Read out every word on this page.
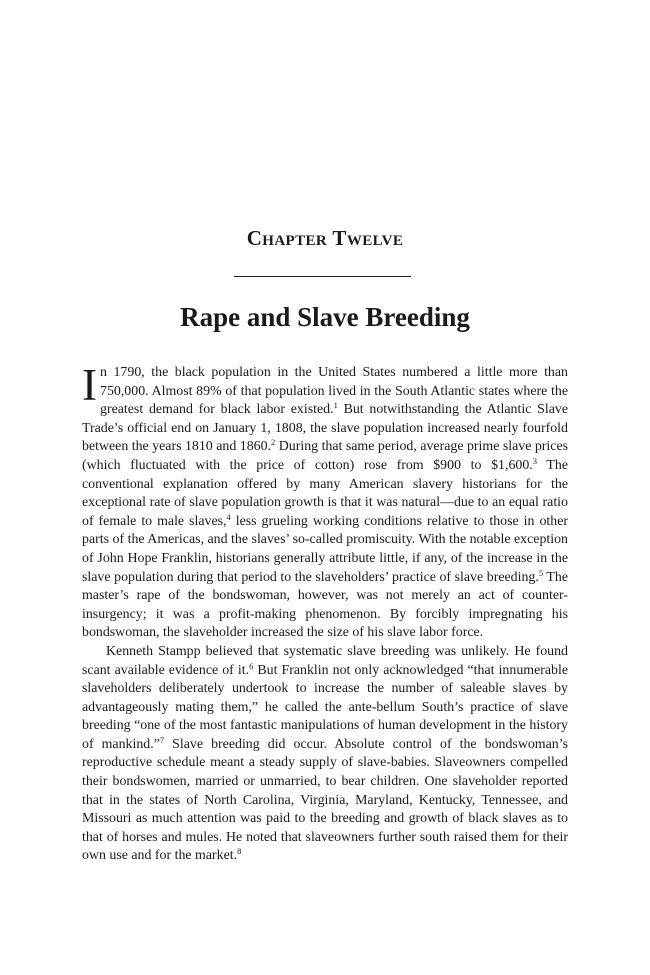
Chapter Twelve
Rape and Slave Breeding

In 1790, the black population in the United States numbered a little more than 750,000. Almost 89% of that population lived in the South Atlantic states where the greatest demand for black labor existed.$^1$ But notwithstanding the Atlantic Slave Trade’s official end on January 1, 1808, the slave population increased nearly fourfold between the years 1810 and 1860.$^2$ During that same period, average prime slave prices (which fluctuated with the price of cotton) rose from $900 to $1,600.$^3$ The conventional explanation offered by many American slavery historians for the exceptional rate of slave population growth is that it was natural—due to an equal ratio of female to male slaves,$^4$ less grueling working conditions relative to those in other parts of the Americas, and the slaves’ so-called promiscuity. With the notable exception of John Hope Franklin, historians generally attribute little, if any, of the increase in the slave population during that period to the slaveholders’ practice of slave breeding.$^5$ The master’s rape of the bondswoman, however, was not merely an act of counter-insurgency; it was a profit-making phenomenon. By forcibly impregnating his bondswoman, the slaveholder increased the size of his slave labor force.

Kenneth Stampp believed that systematic slave breeding was unlikely. He found scant available evidence of it.$^6$ But Franklin not only acknowledged “that innumerable slaveholders deliberately undertook to increase the number of saleable slaves by advantageously mating them,” he called the ante-bellum South’s practice of slave breeding “one of the most fantastic manipulations of human development in the history of mankind.”$^7$ Slave breeding did occur. Absolute control of the bondswoman’s reproductive schedule meant a steady supply of slave-babies. Slaveowners compelled their bondswomen, married or unmarried, to bear children. One slaveholder reported that in the states of North Carolina, Virginia, Maryland, Kentucky, Tennessee, and Missouri as much attention was paid to the breeding and growth of black slaves as to that of horses and mules. He noted that slaveowners further south raised them for their own use and for the market.$^8$
